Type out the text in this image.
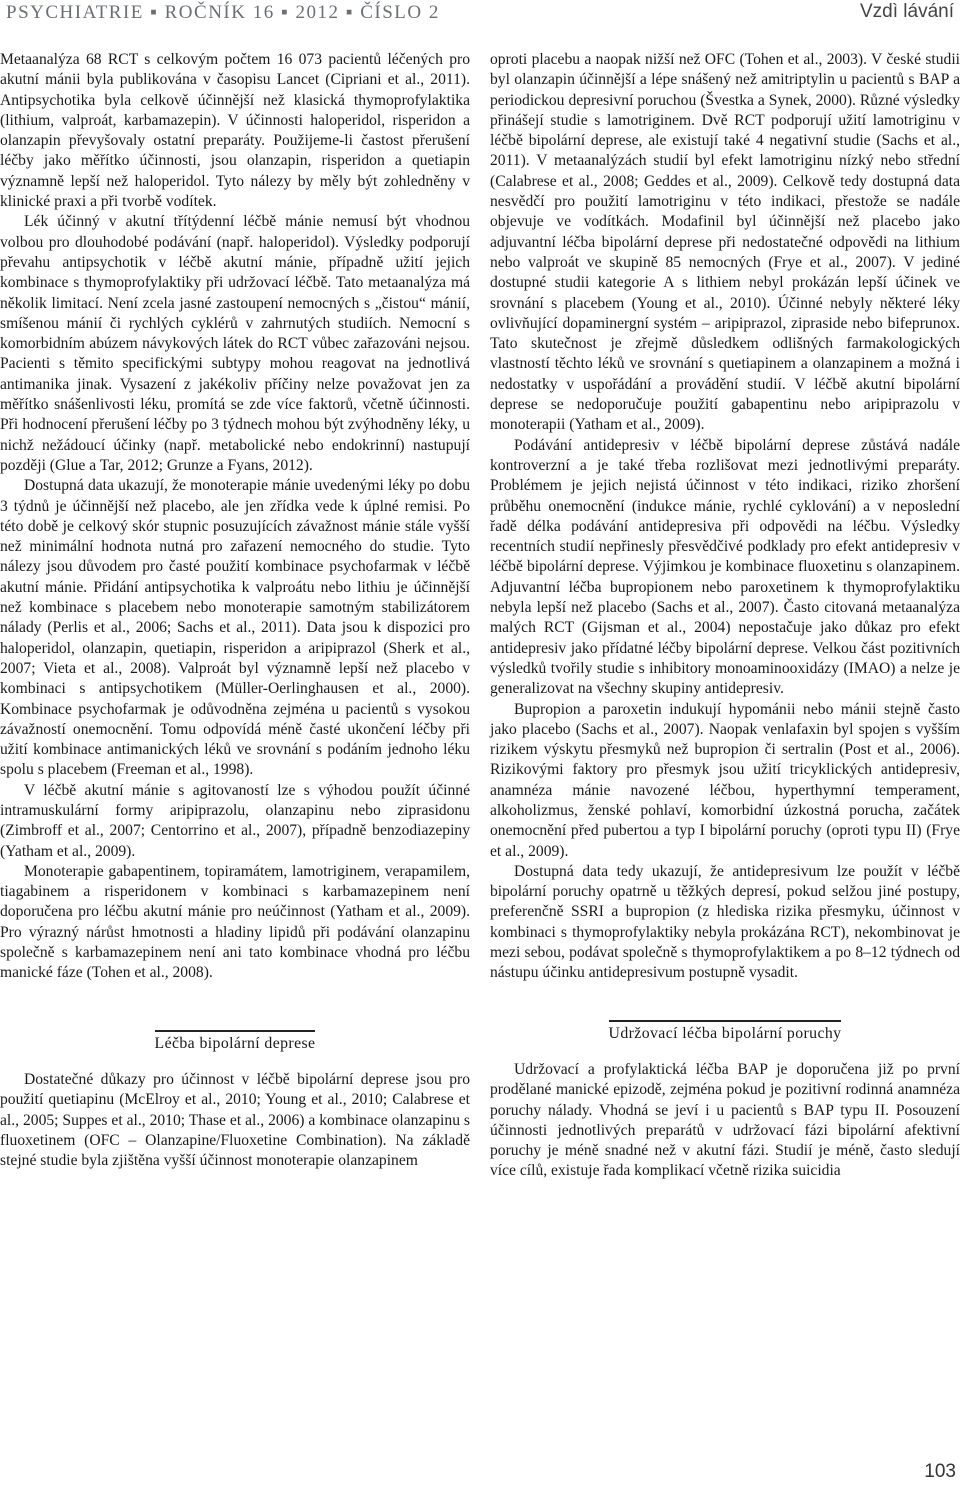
PSYCHIATRIE ▪ ROČNÍK 16 ▪ 2012 ▪ ČÍSLO 2	Vzdì lávání

Metaanalýza 68 RCT s celkovým počtem 16 073 pacientů léčených pro akutní mánii byla publikována v časopisu Lancet (Cipriani et al., 2011). Antipsychotika byla celkově účinnější než klasická thymoprofylaktika (lithium, valproát, karbamazepin). V účinnosti haloperidol, risperidon a olanzapin převyšovaly ostatní preparáty. Použijeme-li častost přerušení léčby jako měřítko účinnosti, jsou olanzapin, risperidon a quetiapin významně lepší než haloperidol. Tyto nálezy by měly být zohledněny v klinické praxi a při tvorbě vodítek.

Lék účinný v akutní třítýdenní léčbě mánie nemusí být vhodnou volbou pro dlouhodobé podávání (např. haloperidol). Výsledky podporují převahu antipsychotik v léčbě akutní mánie, případně užití jejich kombinace s thymoprofylaktiky při udržovací léčbě. Tato metaanalýza má několik limitací. Není zcela jasné zastoupení nemocných s „čistou“ mánií, smíšenou mánií či rychlých cyklérů v zahrnutých studiích. Nemocní s komorbidním abúzem návykových látek do RCT vůbec zařazováni nejsou. Pacienti s těmito specifickými subtypy mohou reagovat na jednotlivá antimanika jinak. Vysazení z jakékoliv příčiny nelze považovat jen za měřítko snášenlivosti léku, promítá se zde více faktorů, včetně účinnosti. Při hodnocení přerušení léčby po 3 týdnech mohou být zvýhodněny léky, u nichž nežádoucí účinky (např. metabolické nebo endokrinní) nastupují později (Glue a Tar, 2012; Grunze a Fyans, 2012).

Dostupná data ukazují, že monoterapie mánie uvedenými léky po dobu 3 týdnů je účinnější než placebo, ale jen zřídka vede k úplné remisi. Po této době je celkový skór stupnic posuzujících závažnost mánie stále vyšší než minimální hodnota nutná pro zařazení nemocného do studie. Tyto nálezy jsou důvodem pro časté použití kombinace psychofarmak v léčbě akutní mánie. Přidání antipsychotika k valproátu nebo lithiu je účinnější než kombinace s placebem nebo monoterapie samotným stabilizátorem nálady (Perlis et al., 2006; Sachs et al., 2011). Data jsou k dispozici pro haloperidol, olanzapin, quetiapin, risperidon a aripiprazol (Sherk et al., 2007; Vieta et al., 2008). Valproát byl významně lepší než placebo v kombinaci s antipsychotikem (Müller-Oerlinghausen et al., 2000). Kombinace psychofarmak je odůvodněna zejména u pacientů s vysokou závažností onemocnění. Tomu odpovídá méně časté ukončení léčby při užití kombinace antimanických léků ve srovnání s podáním jednoho léku spolu s placebem (Freeman et al., 1998).

V léčbě akutní mánie s agitovaností lze s výhodou použít účinné intramuskulární formy aripiprazolu, olanzapinu nebo ziprasidonu (Zimbroff et al., 2007; Centorrino et al., 2007), případně benzodiazepiny (Yatham et al., 2009).

Monoterapie gabapentinem, topiramátem, lamotriginem, verapamilem, tiagabinem a risperidonem v kombinaci s karbamazepinem není doporučena pro léčbu akutní mánie pro neúčinnost (Yatham et al., 2009). Pro výrazný nárůst hmotnosti a hladiny lipidů při podávání olanzapinu společně s karbamazepinem není ani tato kombinace vhodná pro léčbu manické fáze (Tohen et al., 2008).

Léčba bipolární deprese

Dostatečné důkazy pro účinnost v léčbě bipolární deprese jsou pro použití quetiapinu (McElroy et al., 2010; Young et al., 2010; Calabrese et al., 2005; Suppes et al., 2010; Thase et al., 2006) a kombinace olanzapinu s fluoxetinem (OFC – Olanzapine/Fluoxetine Combination). Na základě stejné studie byla zjištěna vyšší účinnost monoterapie olanzapinem

oproti placebu a naopak nižší než OFC (Tohen et al., 2003). V české studii byl olanzapin účinnější a lépe snášený než amitriptylin u pacientů s BAP a periodickou depresivní poruchou (Švestka a Synek, 2000). Různé výsledky přinášejí studie s lamotriginem. Dvě RCT podporují užití lamotriginu v léčbě bipolární deprese, ale existují také 4 negativní studie (Sachs et al., 2011). V metaanalýzách studií byl efekt lamotriginu nízký nebo střední (Calabrese et al., 2008; Geddes et al., 2009). Celkově tedy dostupná data nesvědčí pro použití lamotriginu v této indikaci, přestože se nadále objevuje ve vodítkách. Modafinil byl účinnější než placebo jako adjuvantní léčba bipolární deprese při nedostatečné odpovědi na lithium nebo valproát ve skupině 85 nemocných (Frye et al., 2007). V jediné dostupné studii kategorie A s lithiem nebyl prokázán lepší účinek ve srovnání s placebem (Young et al., 2010). Účinné nebyly některé léky ovlivňující dopaminergní systém – aripiprazol, zipraside nebo bifeprunox. Tato skutečnost je zřejmě důsledkem odlišných farmakologických vlastností těchto léků ve srovnání s quetiapinem a olanzapinem a možná i nedostatky v uspořádání a provádění studií. V léčbě akutní bipolární deprese se nedoporučuje použití gabapentinu nebo aripiprazolu v monoterapii (Yatham et al., 2009).

Podávání antidepresiv v léčbě bipolární deprese zůstává nadále kontroverzní a je také třeba rozlišovat mezi jednotlivými preparáty. Problémem je jejich nejistá účinnost v této indikaci, riziko zhoršení průběhu onemocnění (indukce mánie, rychlé cyklování) a v neposlední řadě délka podávání antidepresiva při odpovědi na léčbu. Výsledky recentních studií nepřinesly přesvědčivé podklady pro efekt antidepresiv v léčbě bipolární deprese. Výjimkou je kombinace fluoxetinu s olanzapinem. Adjuvantní léčba bupropionem nebo paroxetinem k thymoprofylaktiku nebyla lepší než placebo (Sachs et al., 2007). Často citovaná metaanalýza malých RCT (Gijsman et al., 2004) nepostačuje jako důkaz pro efekt antidepresiv jako přídatné léčby bipolární deprese. Velkou část pozitivních výsledků tvořily studie s inhibitory monoaminooxidázy (IMAO) a nelze je generalizovat na všechny skupiny antidepresiv.

Bupropion a paroxetin indukují hypománii nebo mánii stejně často jako placebo (Sachs et al., 2007). Naopak venlafaxin byl spojen s vyšším rizikem výskytu přesmyků než bupropion či sertralin (Post et al., 2006). Rizikovými faktory pro přesmyk jsou užití tricyklických antidepresiv, anamnéza mánie navozené léčbou, hyperthymní temperament, alkoholizmus, ženské pohlaví, komorbidní úzkostná porucha, začátek onemocnění před pubertou a typ I bipolární poruchy (oproti typu II) (Frye et al., 2009).

Dostupná data tedy ukazují, že antidepresivum lze použít v léčbě bipolární poruchy opatrně u těžkých depresí, pokud selžou jiné postupy, preferenčně SSRI a bupropion (z hlediska rizika přesmyku, účinnost v kombinaci s thymoprofylaktiky nebyla prokázána RCT), nekombinovat je mezi sebou, podávat společně s thymoprofylaktikem a po 8–12 týdnech od nástupu účinku antidepresivum postupně vysadit.

Udržovací léčba bipolární poruchy

Udržovací a profylaktická léčba BAP je doporučena již po první prodělané manické epizodě, zejména pokud je pozitivní rodinná anamnéza poruchy nálady. Vhodná se jeví i u pacientů s BAP typu II. Posouzení účinnosti jednotlivých preparátů v udržovací fázi bipolární afektivní poruchy je méně snadné než v akutní fázi. Studií je méně, často sledují více cílů, existuje řada komplikací včetně rizika suicidia

103
